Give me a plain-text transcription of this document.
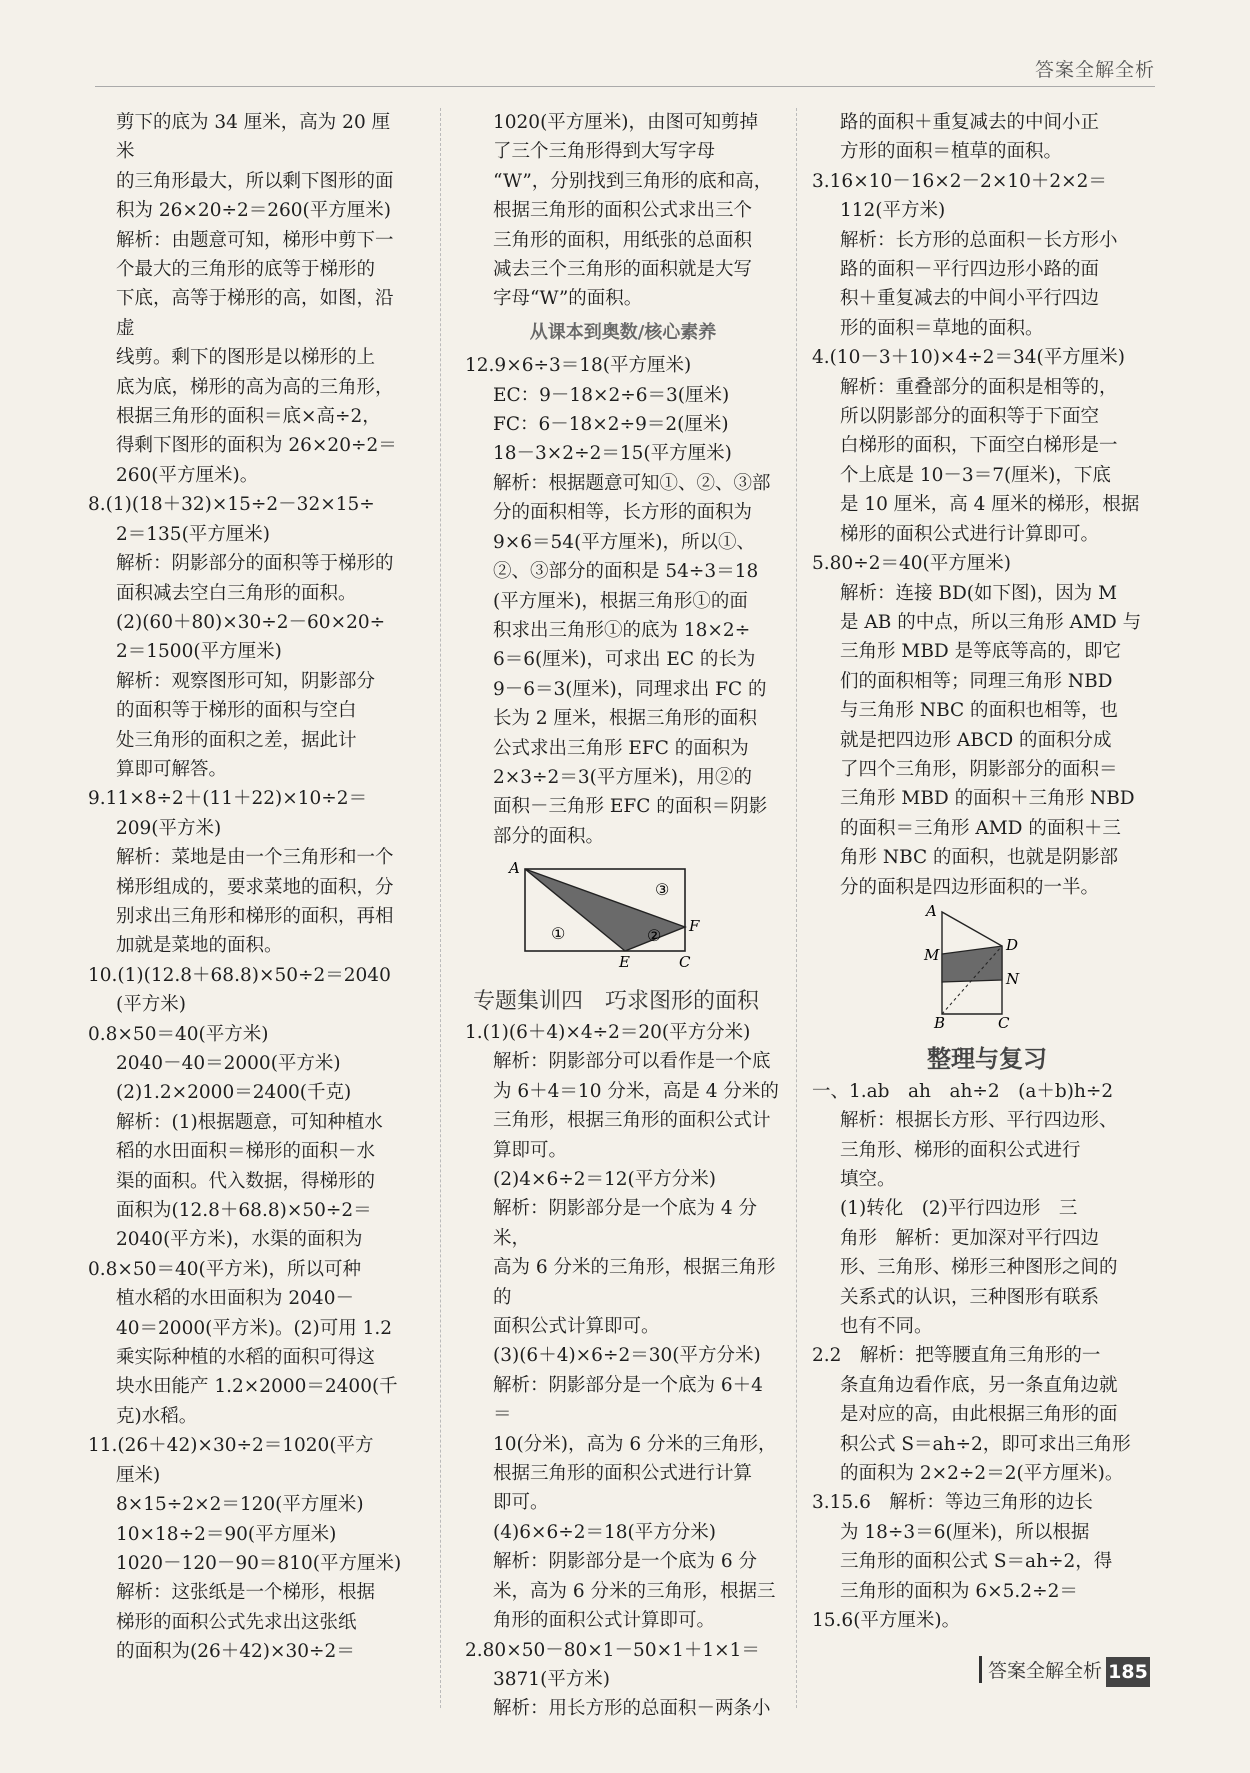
答案全解全析

剪下的底为 34 厘米，高为 20 厘米

的三角形最大，所以剩下图形的面

积为 26×20÷2＝260(平方厘米)

解析：由题意可知，梯形中剪下一

个最大的三角形的底等于梯形的

下底，高等于梯形的高，如图，沿虚

线剪。剩下的图形是以梯形的上

底为底，梯形的高为高的三角形，

根据三角形的面积＝底×高÷2，

得剩下图形的面积为 26×20÷2＝

260(平方厘米)。

8.(1)(18＋32)×15÷2－32×15÷

2＝135(平方厘米)

解析：阴影部分的面积等于梯形的

面积减去空白三角形的面积。

(2)(60＋80)×30÷2－60×20÷

2＝1500(平方厘米)

解析：观察图形可知，阴影部分

的面积等于梯形的面积与空白

处三角形的面积之差，据此计

算即可解答。

9.11×8÷2＋(11＋22)×10÷2＝

209(平方米)

解析：菜地是由一个三角形和一个

梯形组成的，要求菜地的面积，分

别求出三角形和梯形的面积，再相

加就是菜地的面积。

10.(1)(12.8＋68.8)×50÷2＝2040

(平方米)

0.8×50＝40(平方米)

2040－40＝2000(平方米)

(2)1.2×2000＝2400(千克)

解析：(1)根据题意，可知种植水

稻的水田面积＝梯形的面积－水

渠的面积。代入数据，得梯形的

面积为(12.8＋68.8)×50÷2＝

2040(平方米)，水渠的面积为

0.8×50＝40(平方米)，所以可种

植水稻的水田面积为 2040－

40＝2000(平方米)。(2)可用 1.2

乘实际种植的水稻的面积可得这

块水田能产 1.2×2000＝2400(千

克)水稻。

11.(26＋42)×30÷2＝1020(平方

厘米)

8×15÷2×2＝120(平方厘米)

10×18÷2＝90(平方厘米)

1020－120－90＝810(平方厘米)

解析：这张纸是一个梯形，根据

梯形的面积公式先求出这张纸

的面积为(26＋42)×30÷2＝

1020(平方厘米)，由图可知剪掉

了三个三角形得到大写字母

“W”，分别找到三角形的底和高，

根据三角形的面积公式求出三个

三角形的面积，用纸张的总面积

减去三个三角形的面积就是大写

字母“W”的面积。

从课本到奥数/核心素养

12.9×6÷3＝18(平方厘米)

EC：9－18×2÷6＝3(厘米)

FC：6－18×2÷9＝2(厘米)

18－3×2÷2＝15(平方厘米)

解析：根据题意可知①、②、③部

分的面积相等，长方形的面积为

9×6＝54(平方厘米)，所以①、

②、③部分的面积是 54÷3＝18

(平方厘米)，根据三角形①的面

积求出三角形①的底为 18×2÷

6＝6(厘米)，可求出 EC 的长为

9－6＝3(厘米)，同理求出 FC 的

长为 2 厘米，根据三角形的面积

公式求出三角形 EFC 的面积为

2×3÷2＝3(平方厘米)，用②的

面积－三角形 EFC 的面积＝阴影

部分的面积。

A
E	C
F
①	②
③
专题集训四　巧求图形的面积

1.(1)(6＋4)×4÷2＝20(平方分米)

解析：阴影部分可以看作是一个底

为 6＋4＝10 分米，高是 4 分米的

三角形，根据三角形的面积公式计

算即可。

(2)4×6÷2＝12(平方分米)

解析：阴影部分是一个底为 4 分米，

高为 6 分米的三角形，根据三角形的

面积公式计算即可。

(3)(6＋4)×6÷2＝30(平方分米)

解析：阴影部分是一个底为 6＋4＝

10(分米)，高为 6 分米的三角形，

根据三角形的面积公式进行计算

即可。

(4)6×6÷2＝18(平方分米)

解析：阴影部分是一个底为 6 分

米，高为 6 分米的三角形，根据三

角形的面积公式计算即可。

2.80×50－80×1－50×1＋1×1＝

3871(平方米)

解析：用长方形的总面积－两条小

路的面积＋重复减去的中间小正

方形的面积＝植草的面积。

3.16×10－16×2－2×10＋2×2＝

112(平方米)

解析：长方形的总面积－长方形小

路的面积－平行四边形小路的面

积＋重复减去的中间小平行四边

形的面积＝草地的面积。

4.(10－3＋10)×4÷2＝34(平方厘米)

解析：重叠部分的面积是相等的，

所以阴影部分的面积等于下面空

白梯形的面积，下面空白梯形是一

个上底是 10－3＝7(厘米)，下底

是 10 厘米，高 4 厘米的梯形，根据

梯形的面积公式进行计算即可。

5.80÷2＝40(平方厘米)

解析：连接 BD(如下图)，因为 M

是 AB 的中点，所以三角形 AMD 与

三角形 MBD 是等底等高的，即它

们的面积相等；同理三角形 NBD

与三角形 NBC 的面积也相等，也

就是把四边形 ABCD 的面积分成

了四个三角形，阴影部分的面积＝

三角形 MBD 的面积＋三角形 NBD

的面积＝三角形 AMD 的面积＋三

角形 NBC 的面积，也就是阴影部

分的面积是四边形面积的一半。

A
D
M
N
B	C
整理与复习

一、1.ab　ah　ah÷2　(a＋b)h÷2

解析：根据长方形、平行四边形、

三角形、梯形的面积公式进行

填空。

(1)转化　(2)平行四边形　三

角形　解析：更加深对平行四边

形、三角形、梯形三种图形之间的

关系式的认识，三种图形有联系

也有不同。

2.2　解析：把等腰直角三角形的一

条直角边看作底，另一条直角边就

是对应的高，由此根据三角形的面

积公式 S＝ah÷2，即可求出三角形

的面积为 2×2÷2＝2(平方厘米)。

3.15.6　解析：等边三角形的边长

为 18÷3＝6(厘米)，所以根据

三角形的面积公式 S＝ah÷2，得

三角形的面积为 6×5.2÷2＝

15.6(平方厘米)。

答案全解全析 185
